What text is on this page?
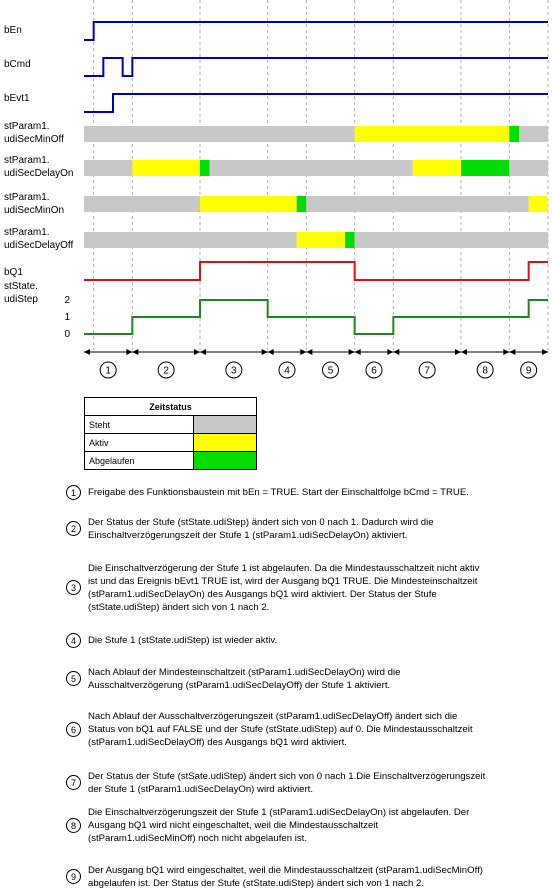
bEn
bCmd
bEvt1
stParam1.
udiSecMinOff
stParam1.
udiSecDelayOn
stParam1.
udiSecMinOn
stParam1.
udiSecDelayOff
bQ1
stState.
udiStep	2
1
0
1	2	3	4	5	6	7	8	9
Zeitstatus	
Steht	
Aktiv	
Abgelaufen	
1	Freigabe des Funktionsbaustein mit bEn = TRUE. Start der Einschaltfolge bCmd = TRUE.
2
Der Status der Stufe (stState.udiStep) ändert sich von 0 nach 1. Dadurch wird die
Einschaltverzögerungszeit der Stufe 1 (stParam1.udiSecDelayOn) aktiviert.
3
Die Einschaltverzögerung der Stufe 1 ist abgelaufen. Da die Mindestausschaltzeit nicht aktiv
ist und das Ereignis bEvt1 TRUE ist, wird der Ausgang bQ1 TRUE. Die Mindesteinschaltzeit
(stParam1.udiSecDelayOn) des Ausgangs bQ1 wird aktiviert. Der Status der Stufe
(stState.udiStep) ändert sich von 1 nach 2.
4	Die Stufe 1 (stState.udiStep) ist wieder aktiv.
5
Nach Ablauf der Mindesteinschaltzeit (stParam1.udiSecDelayOn) wird die
Ausschaltverzögerung (stParam1.udiSecDelayOff) der Stufe 1 aktiviert.
6
Nach Ablauf der Ausschaltverzögerungszeit (stParam1.udiSecDelayOff) ändert sich die
Status von bQ1 auf FALSE und der Stufe (stState.udiStep) auf 0. Die Mindestausschaltzeit
(stParam1.udiSecDelayOff) des Ausgangs bQ1 wird aktiviert.
7
Der Status der Stufe (stSate.udiStep) ändert sich von 0 nach 1.Die Einschaltverzögerungszeit
der Stufe 1 (stParam1.udiSecDelayOn) wird aktiviert.
8
Die Einschaltverzögerungszeit der Stufe 1 (stParam1.udiSecDelayOn) ist abgelaufen. Der
Ausgang bQ1 wird nicht eingeschaltet, weil die Mindestausschaltzeit
(stParam1.udiSecMinOff) noch nicht abgelaufen ist.
9
Der Ausgang bQ1 wird eingeschaltet, weil die Mindestausschaltzeit (stParam1.udiSecMinOff)
abgelaufen ist. Der Status der Stufe (stState.udiStep) ändert sich von 1 nach 2.
